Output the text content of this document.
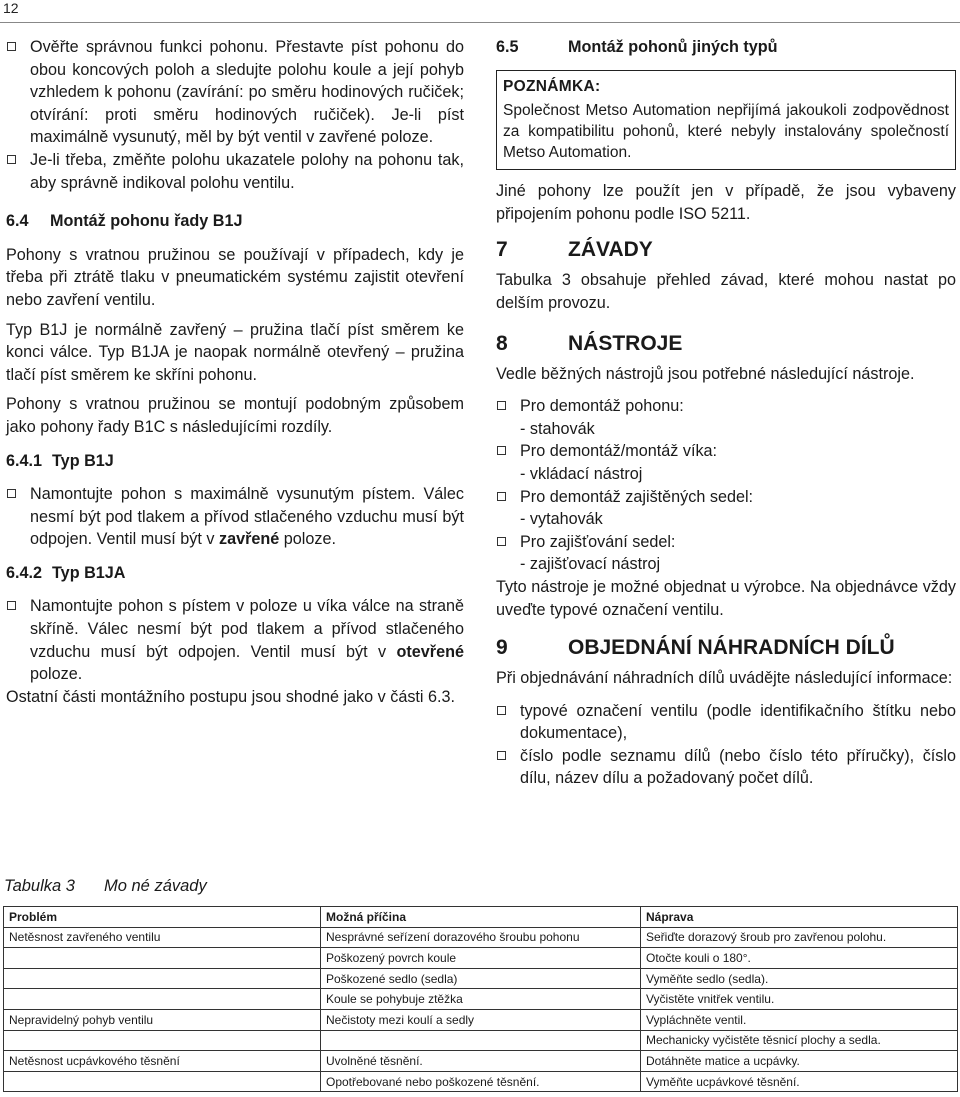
12
Ověřte správnou funkci pohonu. Přestavte píst pohonu do obou koncových poloh a sledujte polohu koule a její pohyb vzhledem k pohonu (zavírání: po směru hodinových ručiček; otvírání: proti směru hodinových ručiček). Je-li píst maximálně vysunutý, měl by být ventil v zavřené poloze.
Je-li třeba, změňte polohu ukazatele polohy na pohonu tak, aby správně indikoval polohu ventilu.
6.4 Montáž pohonu řady B1J

Pohony s vratnou pružinou se používají v případech, kdy je třeba při ztrátě tlaku v pneumatickém systému zajistit otevření nebo zavření ventilu.

Typ B1J je normálně zavřený – pružina tlačí píst směrem ke konci válce. Typ B1JA je naopak normálně otevřený – pružina tlačí píst směrem ke skříni pohonu.

Pohony s vratnou pružinou se montují podobným způsobem jako pohony řady B1C s následujícími rozdíly.

6.4.1 Typ B1J
Namontujte pohon s maximálně vysunutým pístem. Válec nesmí být pod tlakem a přívod stlačeného vzduchu musí být odpojen. Ventil musí být v zavřené poloze.
6.4.2 Typ B1JA
Namontujte pohon s pístem v poloze u víka válce na straně skříně. Válec nesmí být pod tlakem a přívod stlačeného vzduchu musí být odpojen. Ventil musí být v otevřené poloze.

Ostatní části montážního postupu jsou shodné jako v části 6.3.

6.5	Montáž pohonů jiných typů
POZNÁMKA:

Společnost Metso Automation nepřijímá jakoukoli zodpovědnost za kompatibilitu pohonů, které nebyly instalovány společností Metso Automation.

Jiné pohony lze použít jen v případě, že jsou vybaveny připojením pohonu podle ISO 5211.

7	ZÁVADY

Tabulka 3 obsahuje přehled závad, které mohou nastat po delším provozu.

8	NÁSTROJE

Vedle běžných nástrojů jsou potřebné následující nástroje.

Pro demontáž pohonu:
- stahovák
Pro demontáž/montáž víka:
- vkládací nástroj
Pro demontáž zajištěných sedel:
- vytahovák
Pro zajišťování sedel:
- zajišťovací nástroj

Tyto nástroje je možné objednat u výrobce. Na objednávce vždy uveďte typové označení ventilu.

9	OBJEDNÁNÍ NÁHRADNÍCH DÍLŮ

Při objednávání náhradních dílů uvádějte následující informace:

typové označení ventilu (podle identifikačního štítku nebo dokumentace),
číslo podle seznamu dílů (nebo číslo této příručky), číslo dílu, název dílu a požadovaný počet dílů.
Tabulka 3 Mo né závady
Problém	Možná příčina	Náprava
Netěsnost zavřeného ventilu	Nesprávné seřízení dorazového šroubu pohonu	Seřiďte dorazový šroub pro zavřenou polohu.
	Poškozený povrch koule	Otočte kouli o 180°.
	Poškozené sedlo (sedla)	Vyměňte sedlo (sedla).
	Koule se pohybuje ztěžka	Vyčistěte vnitřek ventilu.
Nepravidelný pohyb ventilu	Nečistoty mezi koulí a sedly	Vypláchněte ventil.
		Mechanicky vyčistěte těsnicí plochy a sedla.
Netěsnost ucpávkového těsnění	Uvolněné těsnění.	Dotáhněte matice a ucpávky.
	Opotřebované nebo poškozené těsnění.	Vyměňte ucpávkové těsnění.
